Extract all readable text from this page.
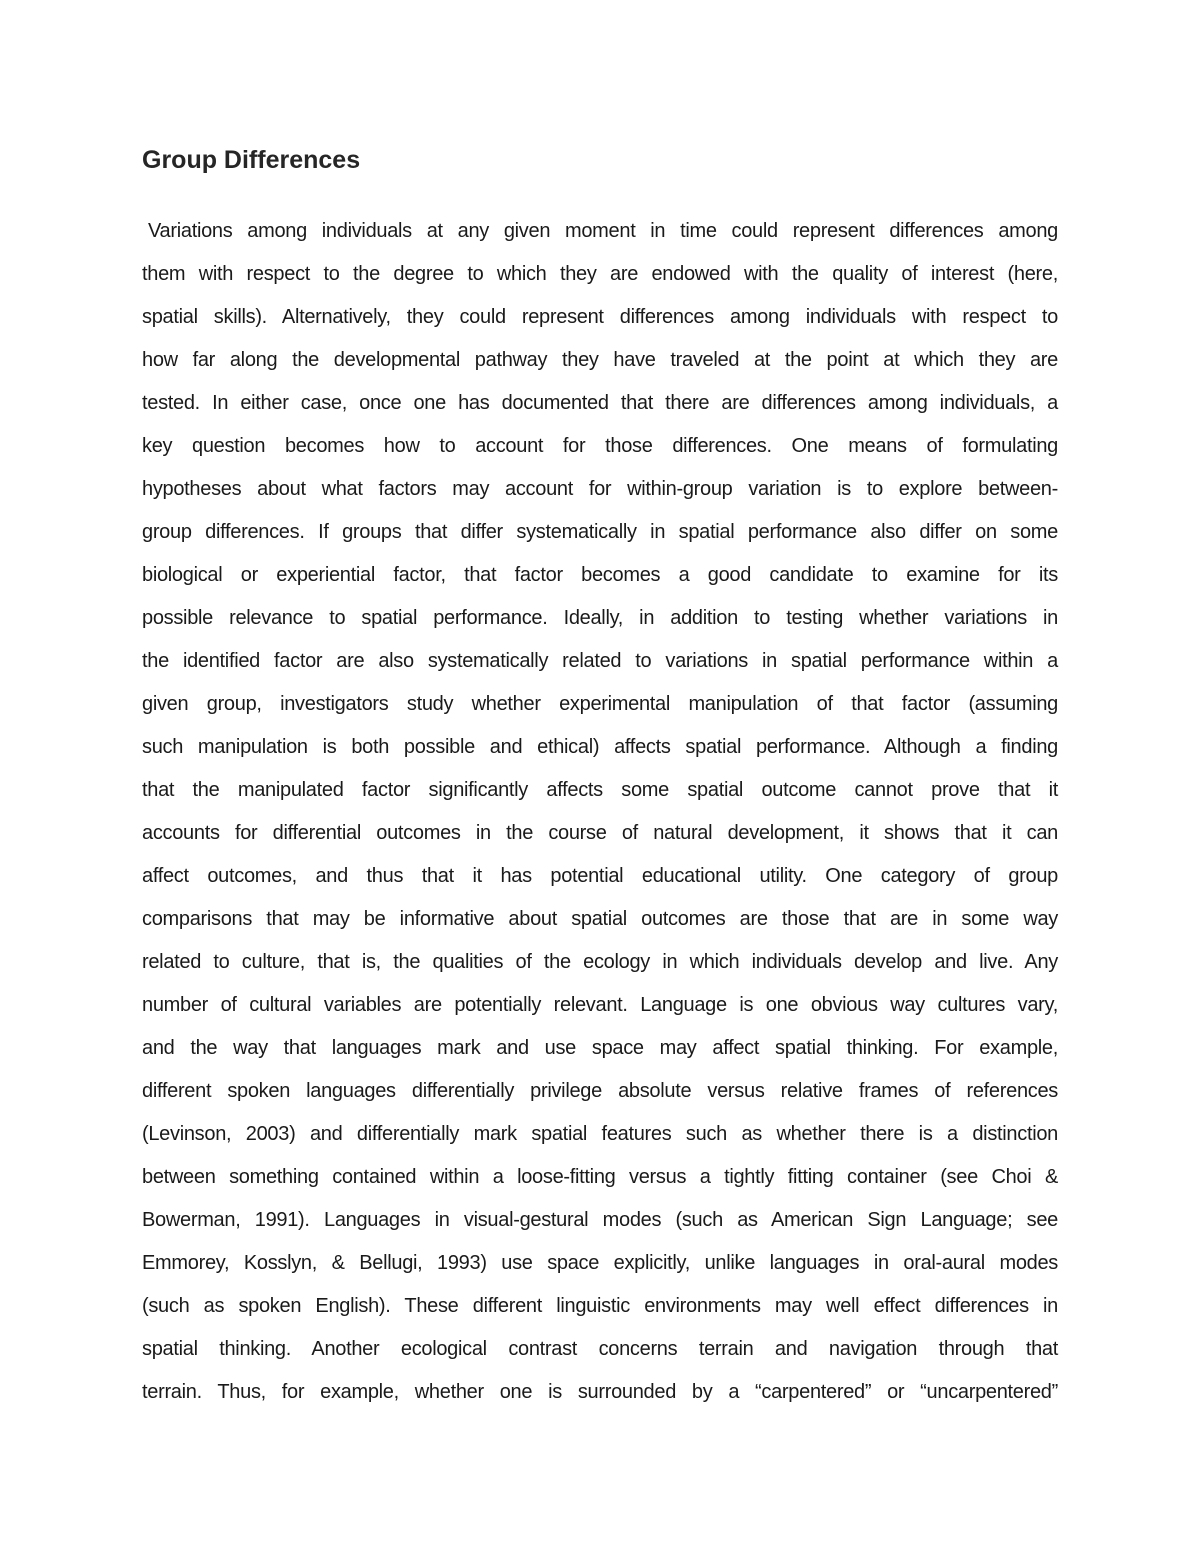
Group Differences
Variations among individuals at any given moment in time could represent differences among
them with respect to the degree to which they are endowed with the quality of interest (here,
spatial skills). Alternatively, they could represent differences among individuals with respect to
how far along the developmental pathway they have traveled at the point at which they are
tested. In either case, once one has documented that there are differences among individuals, a
key question becomes how to account for those differences. One means of formulating
hypotheses about what factors may account for within-group variation is to explore between-
group differences. If groups that differ systematically in spatial performance also differ on some
biological or experiential factor, that factor becomes a good candidate to examine for its
possible relevance to spatial performance. Ideally, in addition to testing whether variations in
the identified factor are also systematically related to variations in spatial performance within a
given group, investigators study whether experimental manipulation of that factor (assuming
such manipulation is both possible and ethical) affects spatial performance. Although a finding
that the manipulated factor significantly affects some spatial outcome cannot prove that it
accounts for differential outcomes in the course of natural development, it shows that it can
affect outcomes, and thus that it has potential educational utility. One category of group
comparisons that may be informative about spatial outcomes are those that are in some way
related to culture, that is, the qualities of the ecology in which individuals develop and live. Any
number of cultural variables are potentially relevant. Language is one obvious way cultures vary,
and the way that languages mark and use space may affect spatial thinking. For example,
different spoken languages differentially privilege absolute versus relative frames of references
(Levinson, 2003) and differentially mark spatial features such as whether there is a distinction
between something contained within a loose-fitting versus a tightly fitting container (see Choi &
Bowerman, 1991). Languages in visual-gestural modes (such as American Sign Language; see
Emmorey, Kosslyn, & Bellugi, 1993) use space explicitly, unlike languages in oral-aural modes
(such as spoken English). These different linguistic environments may well effect differences in
spatial thinking. Another ecological contrast concerns terrain and navigation through that
terrain. Thus, for example, whether one is surrounded by a “carpentered” or “uncarpentered”
